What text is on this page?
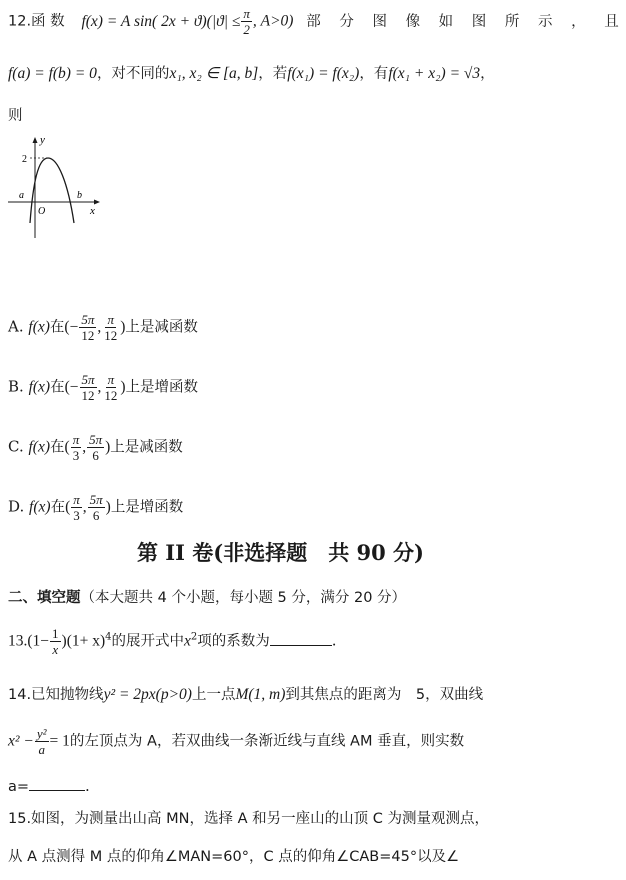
12.函 数 f(x) = A sin( $2x + ϑ)(|ϑ| \le \frac{\pi}{2}$ , A>0) 部 分 图 像 如 图 所 示 ， 且
f(a) = f(b) = 0，对不同的x₁, x₂ ∈ [a, b]，若f(x₁) = f(x₂)，有f(x₁ + x₂) = √3，
则
y
x
O
a	b
2
A. f(x)在(− $\frac{5\pi}{12}$ , $\frac{\pi}{12}$ )上是减函数
B. f(x)在(− $\frac{5\pi}{12}$ , $\frac{\pi}{12}$ )上是增函数
C. f(x)在( $\frac{\pi}{3}$ , $\frac{5\pi}{6}$ )上是减函数
D. f(x)在( $\frac{\pi}{3}$ , $\frac{5\pi}{6}$ )上是增函数
第 II 卷(非选择题　共 90 分)
二、填空题（本大题共 4 个小题，每小题 5 分，满分 20 分）
$13.(1- \frac{1}{x} )(1+ x)^4$的展开式中$x^2$项的系数为	.
14.已知抛物线y² = 2px(p>0)上一点M(1, m)到其焦点的距离为　5，双曲线
$x^2 - \frac{\text{y²}}{a} = 1$的左顶点为 A，若双曲线一条渐近线与直线 AM 垂直，则实数
a=	.
15.如图，为测量出山高 MN，选择 A 和另一座山的山顶 C 为测量观测点，
从 A 点测得 M 点的仰角∠MAN=60°，C 点的仰角∠CAB=45°以及∠
